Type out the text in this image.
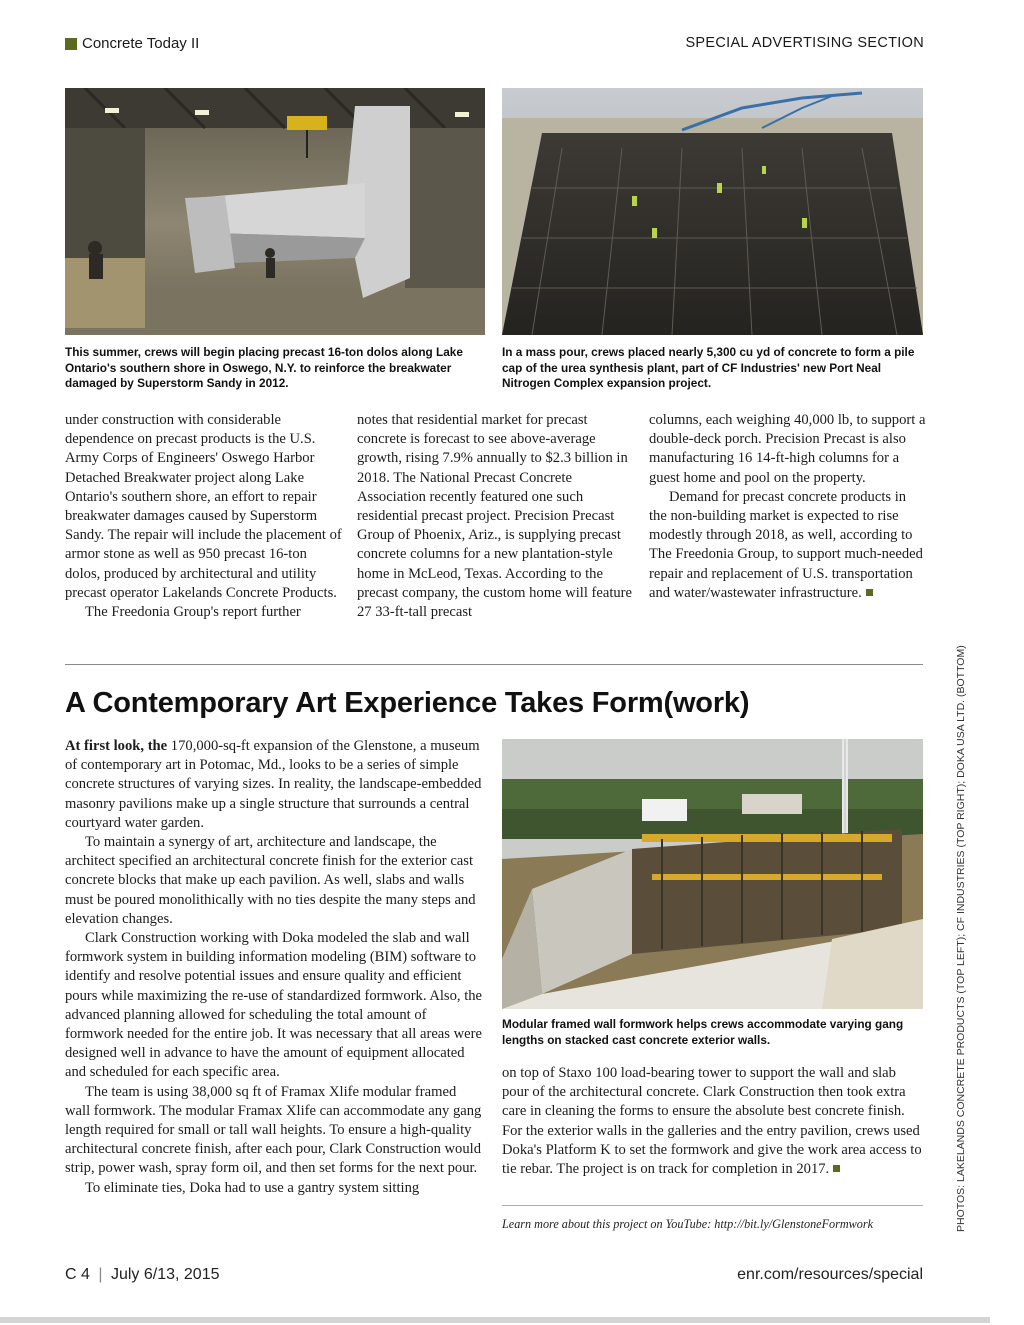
Concrete Today II	SPECIAL ADVERTISING SECTION
This summer, crews will begin placing precast 16-ton dolos along Lake Ontario's southern shore in Oswego, N.Y. to reinforce the breakwater damaged by Superstorm Sandy in 2012.
In a mass pour, crews placed nearly 5,300 cu yd of concrete to form a pile cap of the urea synthesis plant, part of CF Industries' new Port Neal Nitrogen Complex expansion project.

under construction with considerable dependence on precast products is the U.S. Army Corps of Engineers' Oswego Harbor Detached Breakwater project along Lake Ontario's southern shore, an effort to repair breakwater damages caused by Superstorm Sandy. The repair will include the placement of armor stone as well as 950 precast 16-ton dolos, produced by architectural and utility precast operator Lakelands Concrete Products.

The Freedonia Group's report further

notes that residential market for precast concrete is forecast to see above-average growth, rising 7.9% annually to $2.3 billion in 2018. The National Precast Concrete Association recently featured one such residential precast project. Precision Precast Group of Phoenix, Ariz., is supplying precast concrete columns for a new plantation-style home in McLeod, Texas. According to the precast company, the custom home will feature 27 33-ft-tall precast

columns, each weighing 40,000 lb, to support a double-deck porch. Precision Precast is also manufacturing 16 14-ft-high columns for a guest home and pool on the property.

Demand for precast concrete products in the non-building market is expected to rise modestly through 2018, as well, according to The Freedonia Group, to support much-needed repair and replacement of U.S. transportation and water/wastewater infrastructure.

A Contemporary Art Experience Takes Form(work)

At first look, the 170,000-sq-ft expansion of the Glenstone, a museum of contemporary art in Potomac, Md., looks to be a series of simple concrete structures of varying sizes. In reality, the landscape-embedded masonry pavilions make up a single structure that surrounds a central courtyard water garden.

To maintain a synergy of art, architecture and landscape, the architect specified an architectural concrete finish for the exterior cast concrete blocks that make up each pavilion. As well, slabs and walls must be poured monolithically with no ties despite the many steps and elevation changes.

Clark Construction working with Doka modeled the slab and wall formwork system in building information modeling (BIM) software to identify and resolve potential issues and ensure quality and efficient pours while maximizing the re-use of standardized formwork. Also, the advanced planning allowed for scheduling the total amount of formwork needed for the entire job. It was necessary that all areas were designed well in advance to have the amount of equipment allocated and scheduled for each specific area.

The team is using 38,000 sq ft of Framax Xlife modular framed wall formwork. The modular Framax Xlife can accommodate any gang length required for small or tall wall heights. To ensure a high-quality architectural concrete finish, after each pour, Clark Construction would strip, power wash, spray form oil, and then set forms for the next pour.

To eliminate ties, Doka had to use a gantry system sitting

Modular framed wall formwork helps crews accommodate varying gang lengths on stacked cast concrete exterior walls.

on top of Staxo 100 load-bearing tower to support the wall and slab pour of the architectural concrete. Clark Construction then took extra care in cleaning the forms to ensure the absolute best concrete finish. For the exterior walls in the galleries and the entry pavilion, crews used Doka's Platform K to set the formwork and give the work area access to tie rebar. The project is on track for completion in 2017.

Learn more about this project on YouTube: http://bit.ly/GlenstoneFormwork	PHOTOS: LAKELANDS CONCRETE PRODUCTS (TOP LEFT); CF INDUSTRIES (TOP RIGHT); DOKA USA LTD. (BOTTOM)
C 4 | July 6/13, 2015	enr.com/resources/special
